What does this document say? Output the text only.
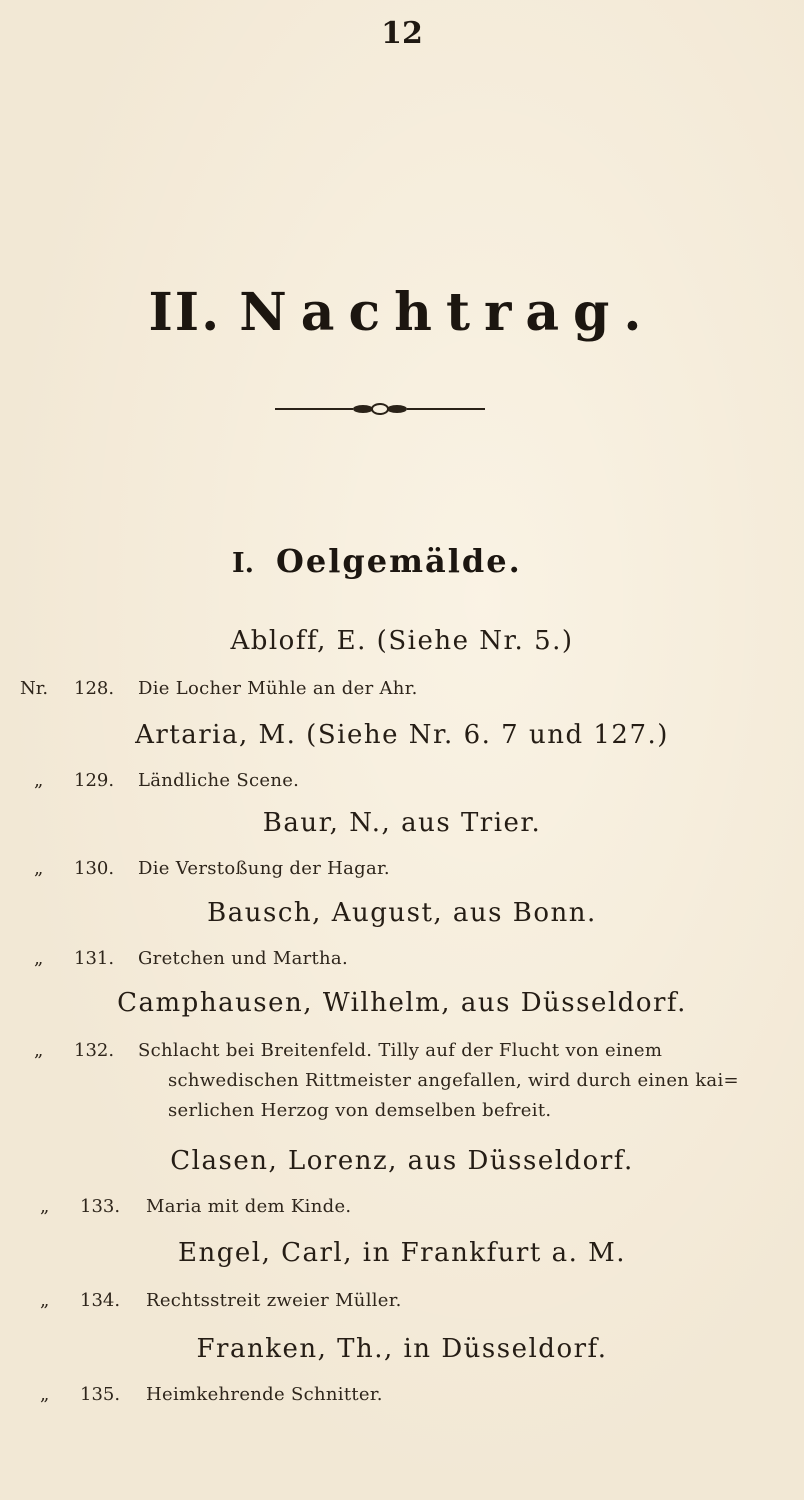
12
II. Nachtrag.
I. Oelgemälde.
Abloff, E. (Siehe Nr. 5.)
Nr. 128. Die Locher Mühle an der Ahr.
Artaria, M. (Siehe Nr. 6. 7 und 127.)
„ 129. Ländliche Scene.
Baur, N., aus Trier.
„ 130. Die Verstoßung der Hagar.
Bausch, August, aus Bonn.
„ 131. Gretchen und Martha.
Camphausen, Wilhelm, aus Düsseldorf.
„ 132. Schlacht bei Breitenfeld. Tilly auf der Flucht von einem
schwedischen Rittmeister angefallen, wird durch einen kai=
serlichen Herzog von demselben befreit.
Clasen, Lorenz, aus Düsseldorf.
„ 133. Maria mit dem Kinde.
Engel, Carl, in Frankfurt a. M.
„ 134. Rechtsstreit zweier Müller.
Franken, Th., in Düsseldorf.
„ 135. Heimkehrende Schnitter.
